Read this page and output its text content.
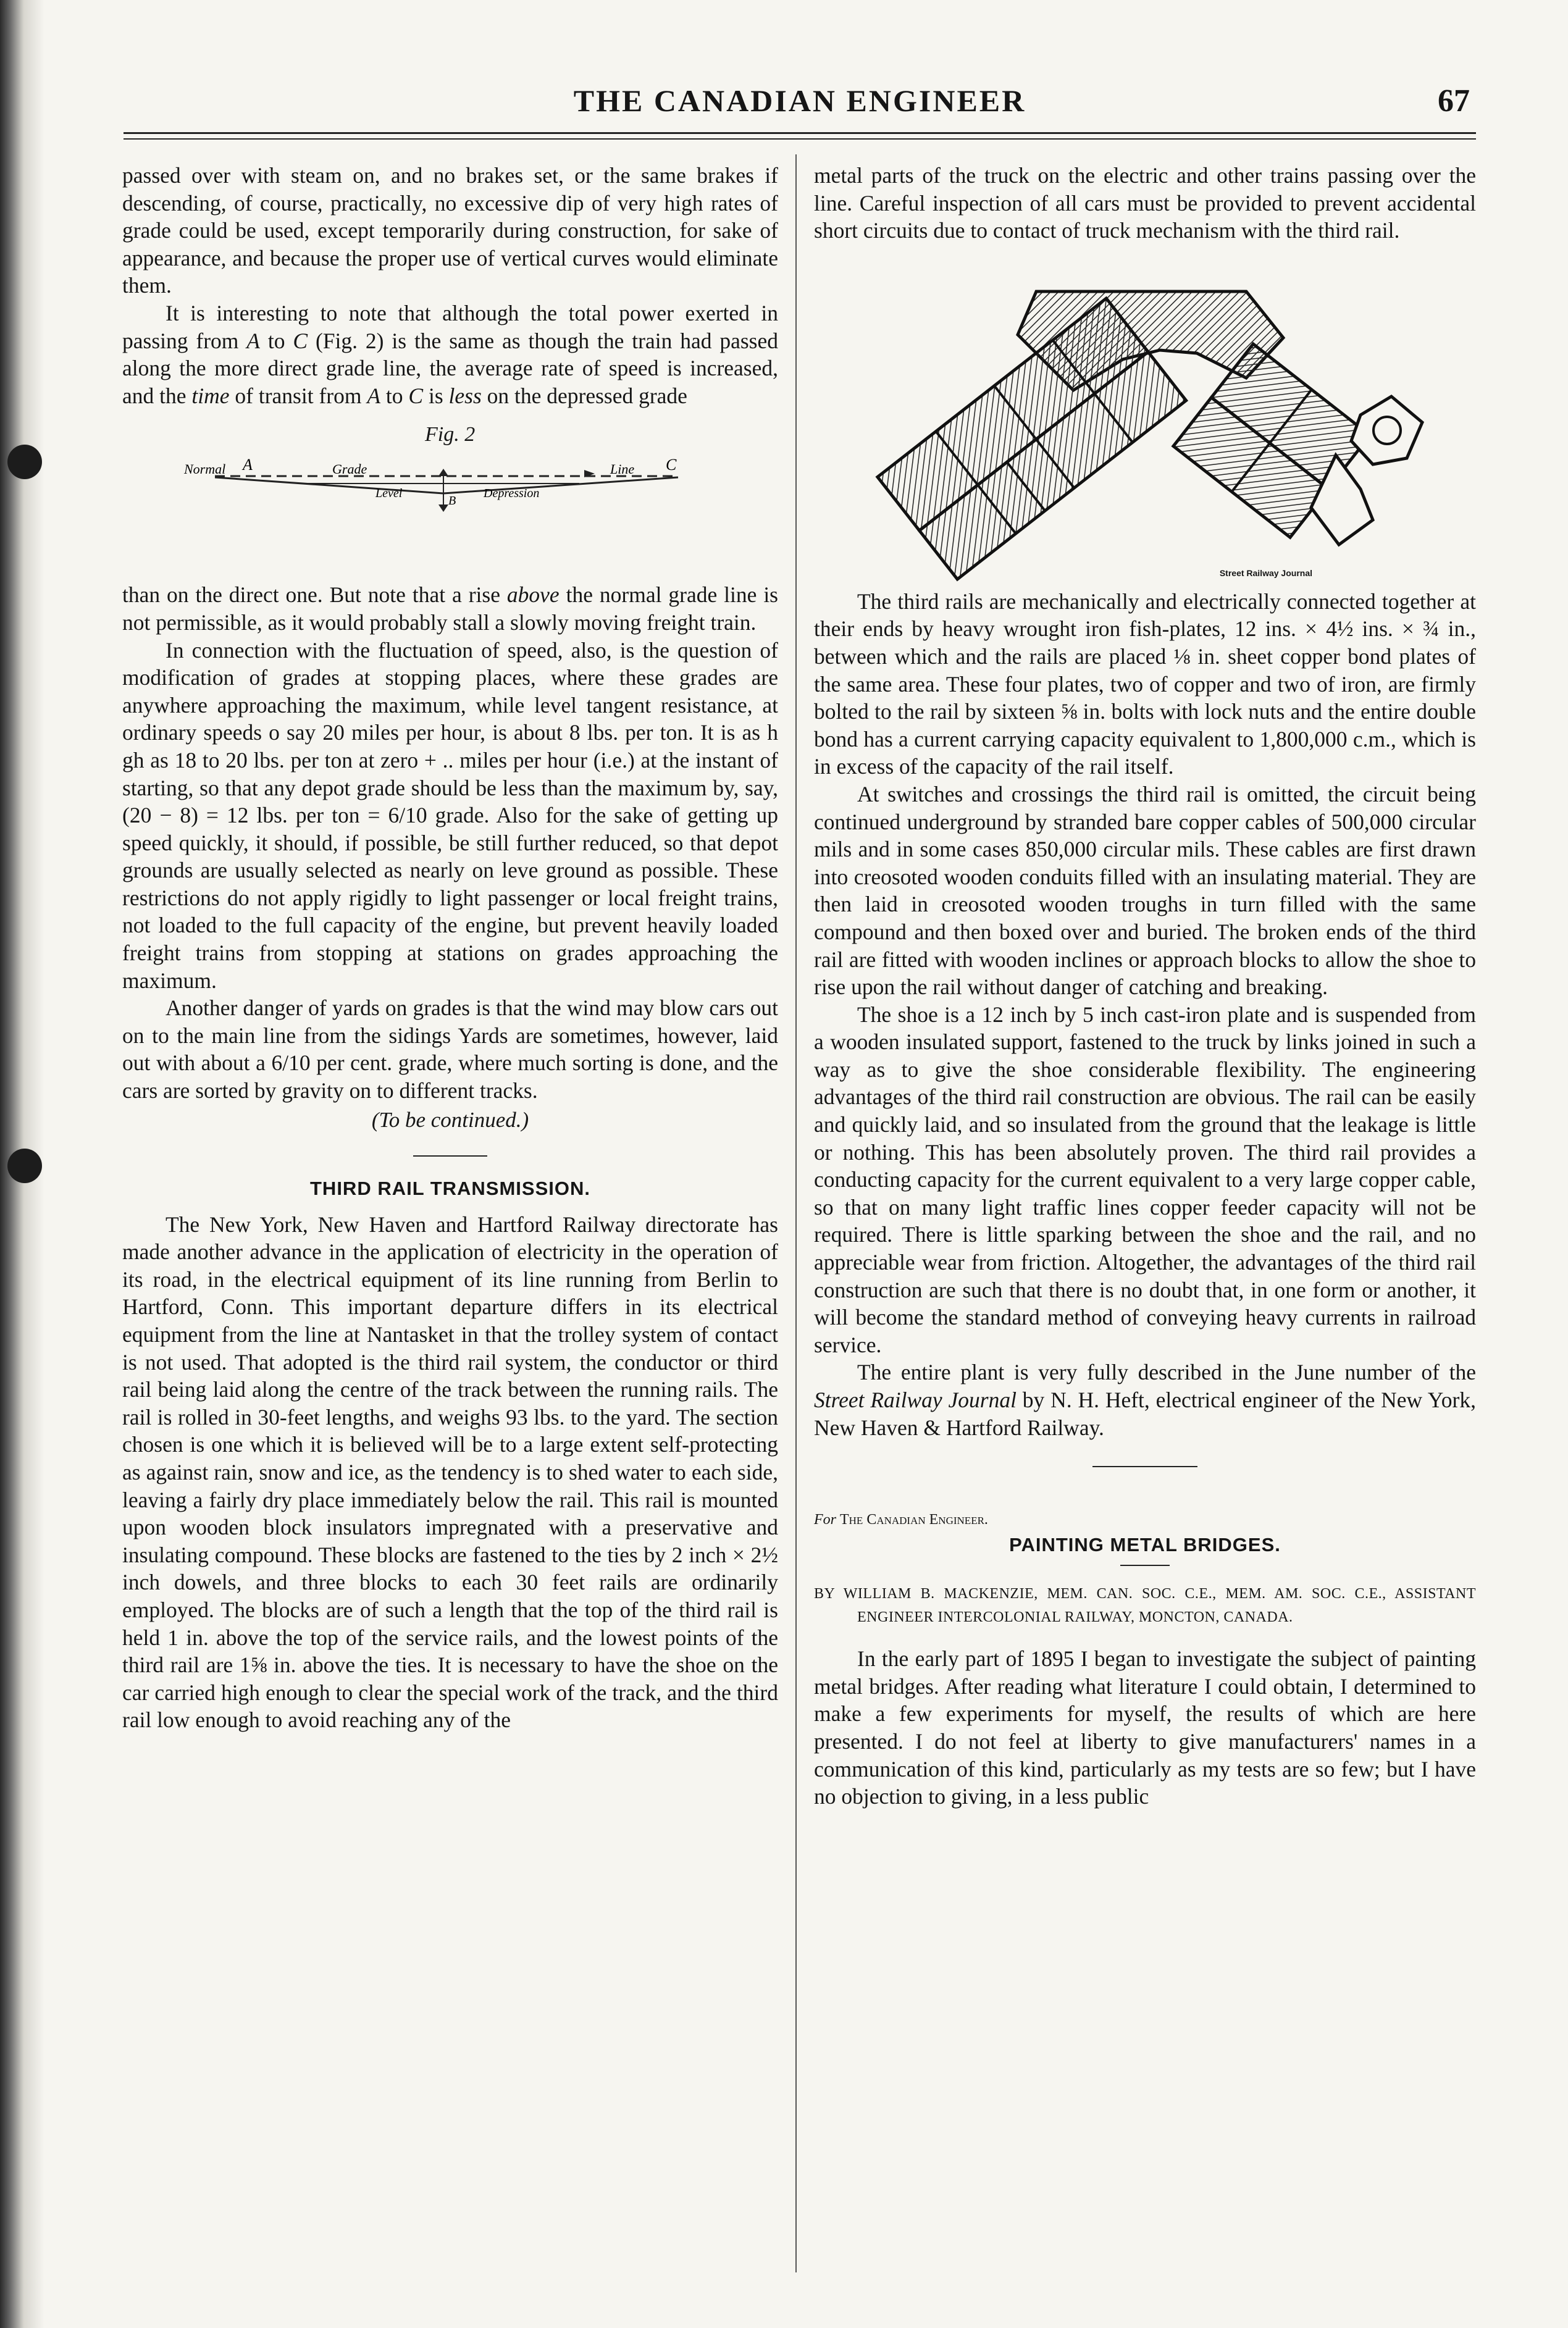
THE CANADIAN ENGINEER	67

passed over with steam on, and no brakes set, or the same brakes if descending, of course, practically, no excessive dip of very high rates of grade could be used, except temporarily during construction, for sake of appearance, and because the proper use of vertical curves would eliminate them.

It is interesting to note that although the total power exerted in passing from A to C (Fig. 2) is the same as though the train had passed along the more direct grade line, the average rate of speed is increased, and the time of transit from A to C is less on the depressed grade

Fig. 2
Normal A	Grade	Line C
Level
B
Depression

than on the direct one. But note that a rise above the normal grade line is not permissible, as it would probably stall a slowly moving freight train.

In connection with the fluctuation of speed, also, is the question of modification of grades at stopping places, where these grades are anywhere approaching the maximum, while level tangent resistance, at ordinary speeds o say 20 miles per hour, is about 8 lbs. per ton. It is as h gh as 18 to 20 lbs. per ton at zero + .. miles per hour (i.e.) at the instant of starting, so that any depot grade should be less than the maximum by, say, (20 − 8) = 12 lbs. per ton = 6/10 grade. Also for the sake of getting up speed quickly, it should, if possible, be still further reduced, so that depot grounds are usually selected as nearly on leve ground as possible. These restrictions do not apply rigidly to light passenger or local freight trains, not loaded to the full capacity of the engine, but prevent heavily loaded freight trains from stopping at stations on grades approaching the maximum.

Another danger of yards on grades is that the wind may blow cars out on to the main line from the sidings Yards are sometimes, however, laid out with about a 6/10 per cent. grade, where much sorting is done, and the cars are sorted by gravity on to different tracks.

(To be continued.)
THIRD RAIL TRANSMISSION.

The New York, New Haven and Hartford Railway directorate has made another advance in the application of electricity in the operation of its road, in the electrical equipment of its line running from Berlin to Hartford, Conn. This important departure differs in its electrical equipment from the line at Nantasket in that the trolley system of contact is not used. That adopted is the third rail system, the conductor or third rail being laid along the centre of the track between the running rails. The rail is rolled in 30-feet lengths, and weighs 93 lbs. to the yard. The section chosen is one which it is believed will be to a large extent self-protecting as against rain, snow and ice, as the tendency is to shed water to each side, leaving a fairly dry place immediately below the rail. This rail is mounted upon wooden block insulators impregnated with a preservative and insulating compound. These blocks are fastened to the ties by 2 inch × 2½ inch dowels, and three blocks to each 30 feet rails are ordinarily employed. The blocks are of such a length that the top of the third rail is held 1 in. above the top of the service rails, and the lowest points of the third rail are 1⅝ in. above the ties. It is necessary to have the shoe on the car carried high enough to clear the special work of the track, and the third rail low enough to avoid reaching any of the

metal parts of the truck on the electric and other trains passing over the line. Careful inspection of all cars must be provided to prevent accidental short circuits due to contact of truck mechanism with the third rail.

Street Railway Journal

The third rails are mechanically and electrically connected together at their ends by heavy wrought iron fish-plates, 12 ins. × 4½ ins. × ¾ in., between which and the rails are placed ⅛ in. sheet copper bond plates of the same area. These four plates, two of copper and two of iron, are firmly bolted to the rail by sixteen ⅝ in. bolts with lock nuts and the entire double bond has a current carrying capacity equivalent to 1,800,000 c.m., which is in excess of the capacity of the rail itself.

At switches and crossings the third rail is omitted, the circuit being continued underground by stranded bare copper cables of 500,000 circular mils and in some cases 850,000 circular mils. These cables are first drawn into creosoted wooden conduits filled with an insulating material. They are then laid in creosoted wooden troughs in turn filled with the same compound and then boxed over and buried. The broken ends of the third rail are fitted with wooden inclines or approach blocks to allow the shoe to rise upon the rail without danger of catching and breaking.

The shoe is a 12 inch by 5 inch cast-iron plate and is suspended from a wooden insulated support, fastened to the truck by links joined in such a way as to give the shoe considerable flexibility. The engineering advantages of the third rail construction are obvious. The rail can be easily and quickly laid, and so insulated from the ground that the leakage is little or nothing. This has been absolutely proven. The third rail provides a conducting capacity for the current equivalent to a very large copper cable, so that on many light traffic lines copper feeder capacity will not be required. There is little sparking between the shoe and the rail, and no appreciable wear from friction. Altogether, the advantages of the third rail construction are such that there is no doubt that, in one form or another, it will become the standard method of conveying heavy currents in railroad service.

The entire plant is very fully described in the June number of the Street Railway Journal by N. H. Heft, electrical engineer of the New York, New Haven & Hartford Railway.

For The Canadian Engineer.
PAINTING METAL BRIDGES.
BY WILLIAM B. MACKENZIE, MEM. CAN. SOC. C.E., MEM. AM. SOC. C.E., ASSISTANT ENGINEER INTERCOLONIAL RAILWAY, MONCTON, CANADA.

In the early part of 1895 I began to investigate the subject of painting metal bridges. After reading what literature I could obtain, I determined to make a few experiments for myself, the results of which are here presented. I do not feel at liberty to give manufacturers' names in a communication of this kind, particularly as my tests are so few; but I have no objection to giving, in a less public
